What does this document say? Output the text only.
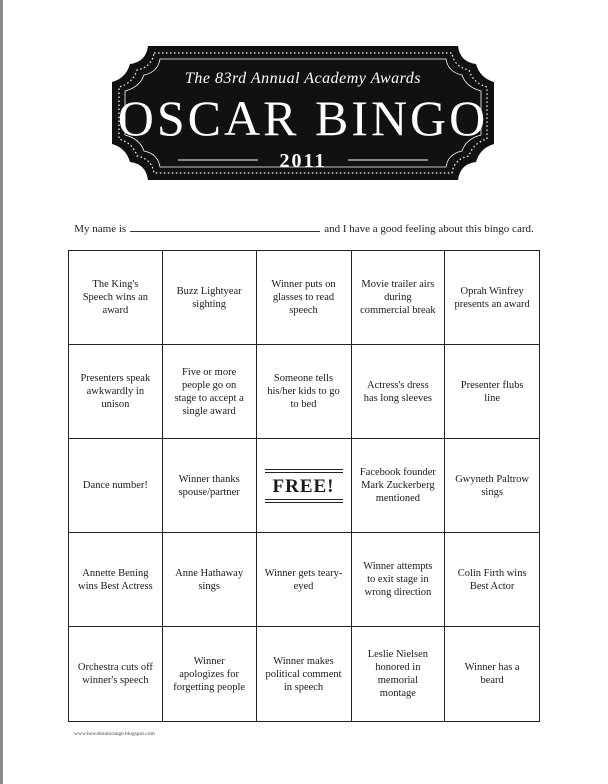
The 83rd Annual Academy Awards
OSCAR BINGO
2011
My name is	and I have a good feeling about this bingo card.
The King's Speech wins an award
Buzz Lightyear sighting
Winner puts on glasses to read speech
Movie trailer airs during commercial break
Oprah Winfrey presents an award
Presenters speak awkwardly in unison
Five or more people go on stage to accept a single award
Someone tells his/her kids to go to bed
Actress's dress has long sleeves
Presenter flubs line
Dance number!
Winner thanks spouse/partner	FREE!
Facebook founder Mark Zuckerberg mentioned
Gwyneth Paltrow sings
Annette Bening wins Best Actress
Anne Hathaway sings
Winner gets teary-eyed
Winner attempts to exit stage in wrong direction
Colin Firth wins Best Actor
Orchestra cuts off winner's speech
Winner apologizes for forgetting people
Winner makes political comment in speech
Leslie Nielsen honored in memorial montage
Winner has a beard
www.howaboutorange.blogspot.com
